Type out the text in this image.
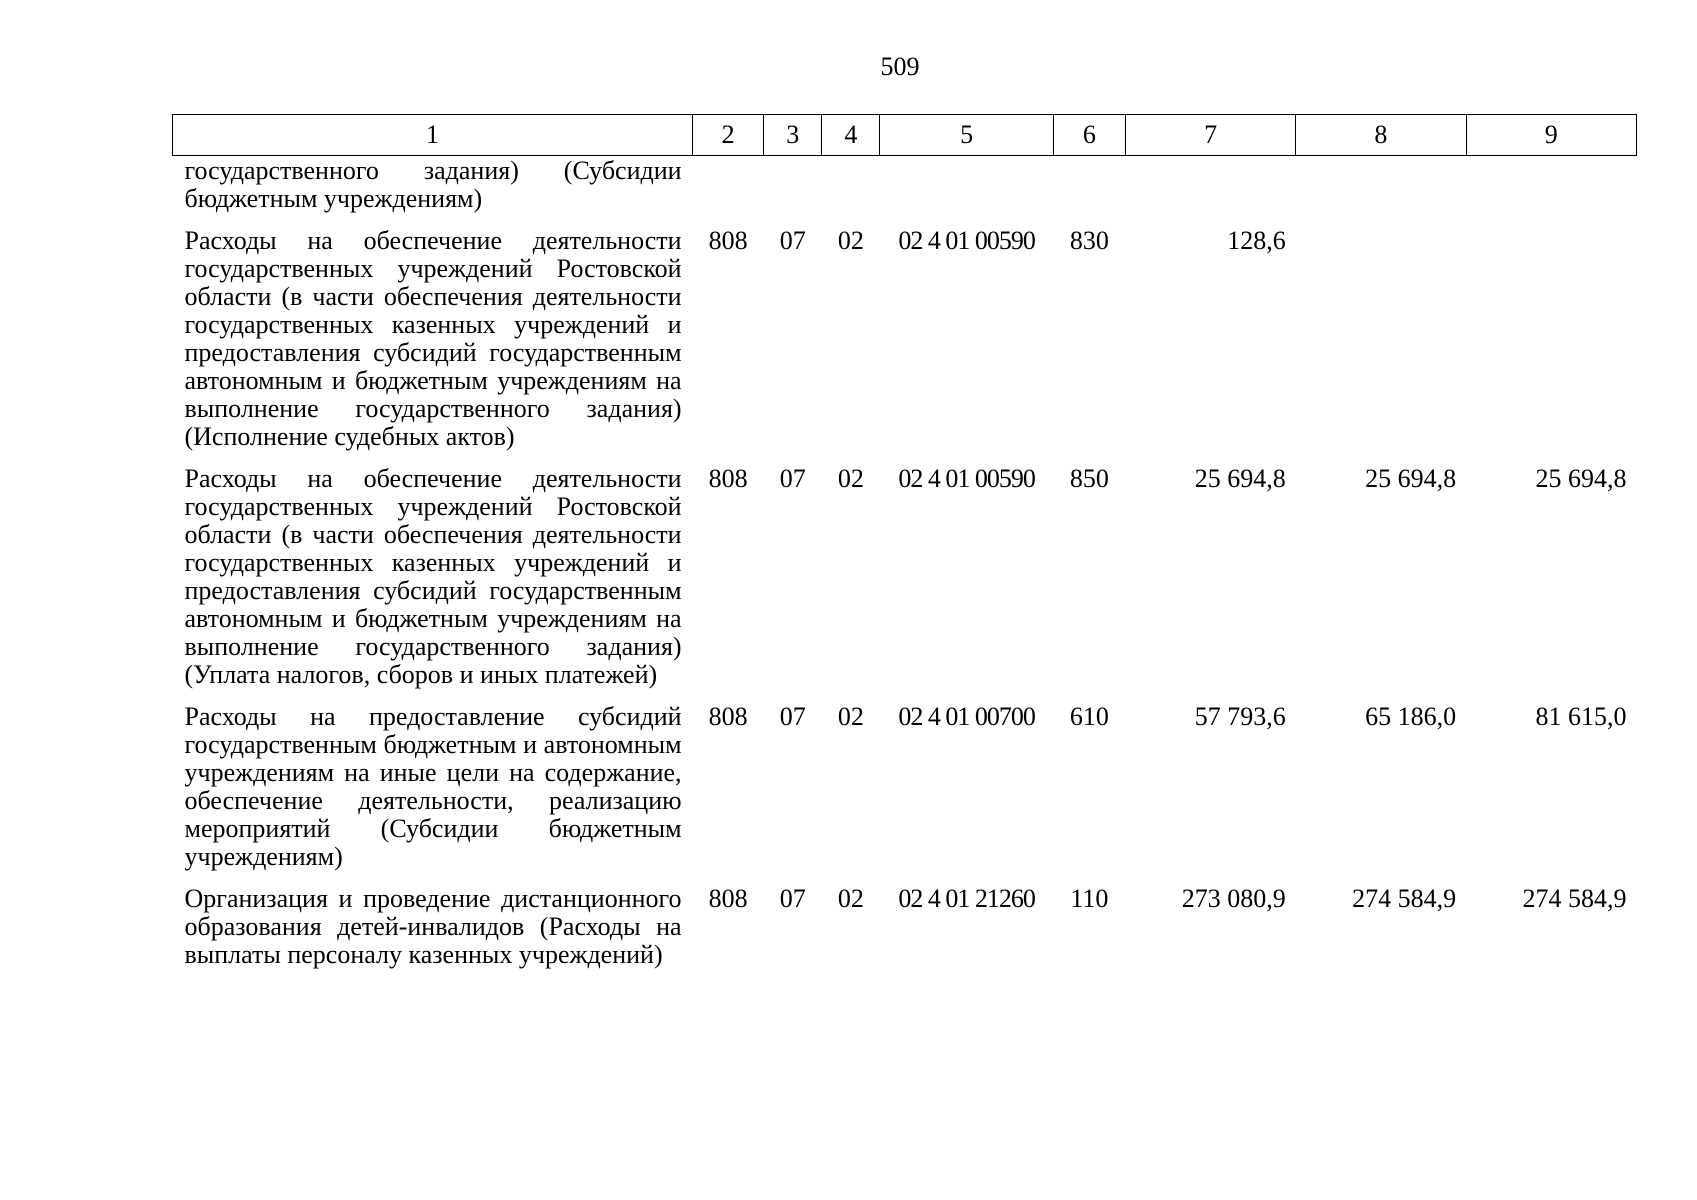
509
1	2	3	4	5	6	7	8	9
государственного задания) (Субсидии бюджетным учреждениям)								
Расходы на обеспечение деятельности государственных учреждений Ростовской области (в части обеспечения деятельности государственных казенных учреждений и предоставления субсидий государственным автономным и бюджетным учреждениям на выполнение государственного задания) (Исполнение судебных актов)	808	07	02	02 4 01 00590	830	128,6		
Расходы на обеспечение деятельности государственных учреждений Ростовской области (в части обеспечения деятельности государственных казенных учреждений и предоставления субсидий государственным автономным и бюджетным учреждениям на выполнение государственного задания) (Уплата налогов, сборов и иных платежей)	808	07	02	02 4 01 00590	850	25 694,8	25 694,8	25 694,8
Расходы на предоставление субсидий государственным бюджетным и автономным учреждениям на иные цели на содержание, обеспечение деятельности, реализацию мероприятий (Субсидии бюджетным учреждениям)	808	07	02	02 4 01 00700	610	57 793,6	65 186,0	81 615,0
Организация и проведение дистанционного образования детей-инвалидов (Расходы на выплаты персоналу казенных учреждений)	808	07	02	02 4 01 21260	110	273 080,9	274 584,9	274 584,9
